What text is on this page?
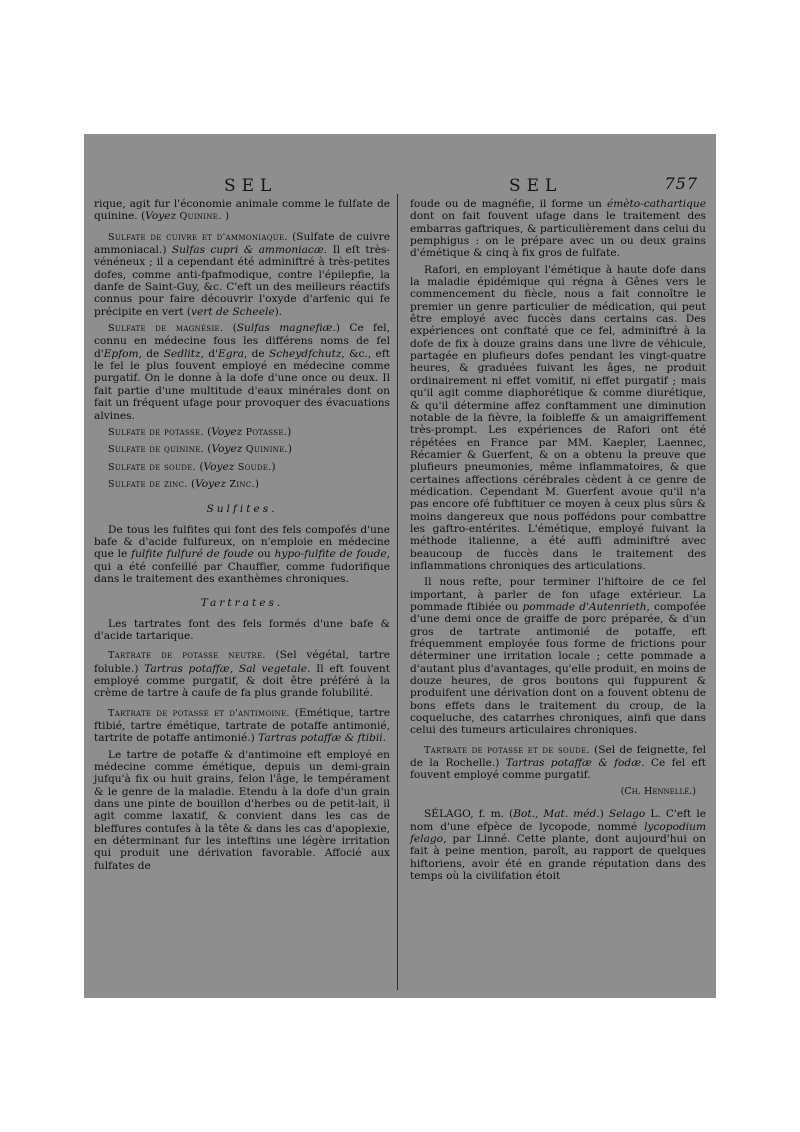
SEL	SEL	757

rique, agit fur l'économie animale comme le fulfate de quinine. (Voyez Quinine. )

Sulfate de cuivre et d'ammoniaque. (Sulfate de cuivre ammoniacal.) Sulfas cupri & ammoniacæ. Il eſt très-vénéneux ; il a cependant été adminiftré à très-petites dofes, comme anti-fpafmodique, contre l'épilepfie, la danfe de Saint-Guy, &c. C'eft un des meilleurs réactifs connus pour faire découvrir l'oxyde d'arfenic qui fe précipite en vert (vert de Scheele).

Sulfate de magnésie. (Sulfas magnefiæ.) Ce fel, connu en médecine fous les différens noms de fel d'Epfom, de Sedlitz, d'Egra, de Scheydfchutz, &c., eft le fel le plus fouvent employé en médecine comme purgatif. On le donne à la dofe d'une once ou deux. Il fait partie d'une multitude d'eaux minérales dont on fait un fréquent ufage pour provoquer des évacuations alvines.

Sulfate de potasse. (Voyez Potasse.)

Sulfate de quinine. (Voyez Quinine.)

Sulfate de soude. (Voyez Soude.)

Sulfate de zinc. (Voyez Zinc.)

Sulfites.

De tous les fulfites qui font des fels compofés d'une bafe & d'acide fulfureux, on n'emploie en médecine que le fulfite fulfuré de foude ou hypo-fulfite de foude, qui a été confeillé par Chauffier, comme fudorifique dans le traitement des exanthèmes chroniques.

Tartrates.

Les tartrates font des fels formés d'une bafe & d'acide tartarique.

Tartrate de potasse neutre. (Sel végétal, tartre foluble.) Tartras potaffæ, Sal vegetale. Il eft fouvent employé comme purgatif, & doit être préféré à la crème de tartre à caufe de fa plus grande folubilité.

Tartrate de potasse et d'antimoine. (Emétique, tartre ftibié, tartre émétique, tartrate de potaffe antimonié, tartrite de potaffe antimonié.) Tartras potaffæ & ftibii.

Le tartre de potaffe & d'antimoine eft employé en médecine comme émétique, depuis un demi-grain jufqu'à fix ou huit grains, felon l'âge, le tempérament & le genre de la maladie. Etendu à la dofe d'un grain dans une pinte de bouillon d'herbes ou de petit-lait, il agit comme laxatif, & convient dans les cas de bleffures contufes à la tête & dans les cas d'apoplexie, en déterminant fur les inteftins une légère irritation qui produit une dérivation favorable. Affocié aux fulfates de

foude ou de magnéfie, il forme un émèto-cathartique dont on fait fouvent ufage dans le traitement des embarras gaftriques, & particulièrement dans celui du pemphigus : on le prépare avec un ou deux grains d'émétique & cinq à fix gros de fulfate.

Rafori, en employant l'émétique à haute dofe dans la maladie épidémique qui régna à Gênes vers le commencement du fiècle, nous a fait connoître le premier un genre particulier de médication, qui peut être employé avec fuccès dans certains cas. Des expériences ont conftaté que ce fel, adminiftré à la dofe de fix à douze grains dans une livre de véhicule, partagée en plufieurs dofes pendant les vingt-quatre heures, & graduées fuivant les âges, ne produit ordinairement ni effet vomitif, ni effet purgatif ; mais qu'il agit comme diaphorétique & comme diurétique, & qu'il détermine affez conftamment une diminution notable de la fièvre, la foibleffe & un amaigriffement très-prompt. Les expériences de Rafori ont été répétées en France par MM. Kaepler, Laennec, Récamier & Guerfent, & on a obtenu la preuve que plufieurs pneumonies, même inflammatoires, & que certaines affections cérébrales cèdent à ce genre de médication. Cependant M. Guerfent avoue qu'il n'a pas encore ofé fubftituer ce moyen à ceux plus sûrs & moins dangereux que nous poffédons pour combattre les gaftro-entérites. L'émétique, employé fuivant la méthode italienne, a été auffi adminiftré avec beaucoup de fuccès dans le traitement des inflammations chroniques des articulations.

Il nous refte, pour terminer l'hiftoire de ce fel important, à parler de fon ufage extérieur. La pommade ftibiée ou pommade d'Autenrieth, compofée d'une demi once de graiffe de porc préparée, & d'un gros de tartrate antimonié de potaffe, eft fréquemment employée fous forme de frictions pour déterminer une irritation locale ; cette pommade a d'autant plus d'avantages, qu'elle produit, en moins de douze heures, de gros boutons qui fuppurent & produifent une dérivation dont on a fouvent obtenu de bons effets dans le traitement du croup, de la coqueluche, des catarrhes chroniques, ainfi que dans celui des tumeurs articulaires chroniques.

Tartrate de potasse et de soude. (Sel de feignette, fel de la Rochelle.) Tartras potaffæ & fodæ. Ce fel eft fouvent employé comme purgatif.

(Ch. Hennellé.)

SÉLAGO, f. m. (Bot., Mat. méd.) Selago L. C'eft le nom d'une efpèce de lycopode, nommé lycopodium felago, par Linné. Cette plante, dont aujourd'hui on fait à peine mention, paroît, au rapport de quelques hiftoriens, avoir été en grande réputation dans des temps où la civilifation étoit
